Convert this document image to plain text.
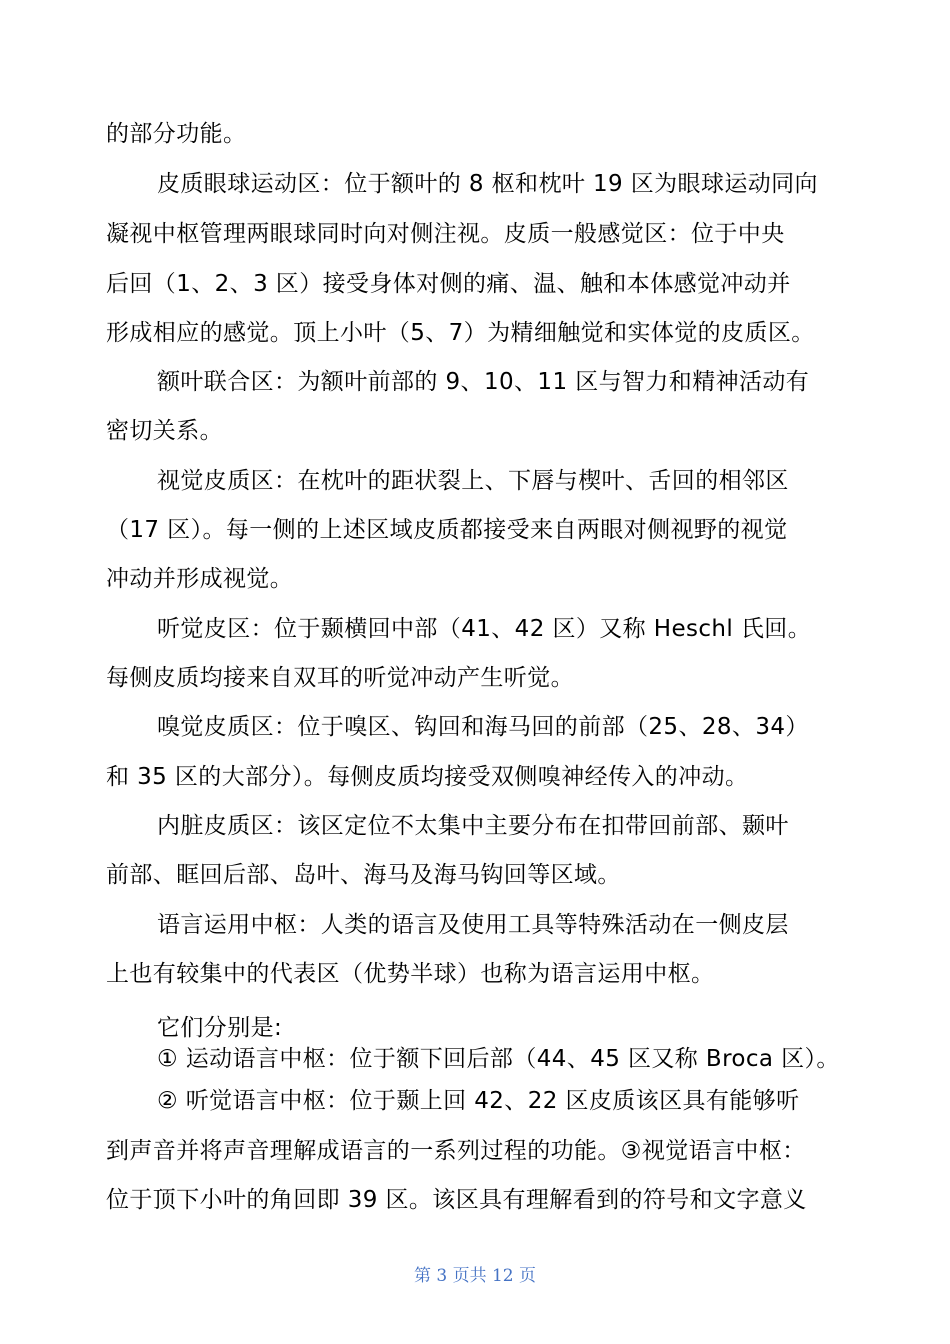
的部分功能。
皮质眼球运动区：位于额叶的 8 枢和枕叶 19 区为眼球运动同向
凝视中枢管理两眼球同时向对侧注视。皮质一般感觉区：位于中央
后回（1、2、3 区）接受身体对侧的痛、温、触和本体感觉冲动并
形成相应的感觉。顶上小叶（5、7）为精细触觉和实体觉的皮质区。
额叶联合区：为额叶前部的 9、10、11 区与智力和精神活动有
密切关系。
视觉皮质区：在枕叶的距状裂上、下唇与楔叶、舌回的相邻区
（17 区）。每一侧的上述区域皮质都接受来自两眼对侧视野的视觉
冲动并形成视觉。
听觉皮区：位于颞横回中部（41、42 区）又称 Heschl 氏回。
每侧皮质均接来自双耳的听觉冲动产生听觉。
嗅觉皮质区：位于嗅区、钩回和海马回的前部（25、28、34）
和 35 区的大部分）。每侧皮质均接受双侧嗅神经传入的冲动。
内脏皮质区：该区定位不太集中主要分布在扣带回前部、颞叶
前部、眶回后部、岛叶、海马及海马钩回等区域。
语言运用中枢：人类的语言及使用工具等特殊活动在一侧皮层
上也有较集中的代表区（优势半球）也称为语言运用中枢。
它们分别是:
① 运动语言中枢：位于额下回后部（44、45 区又称 Broca 区）。
② 听觉语言中枢：位于颞上回 42、22 区皮质该区具有能够听
到声音并将声音理解成语言的一系列过程的功能。③视觉语言中枢：
位于顶下小叶的角回即 39 区。该区具有理解看到的符号和文字意义
第 3 页共 12 页
